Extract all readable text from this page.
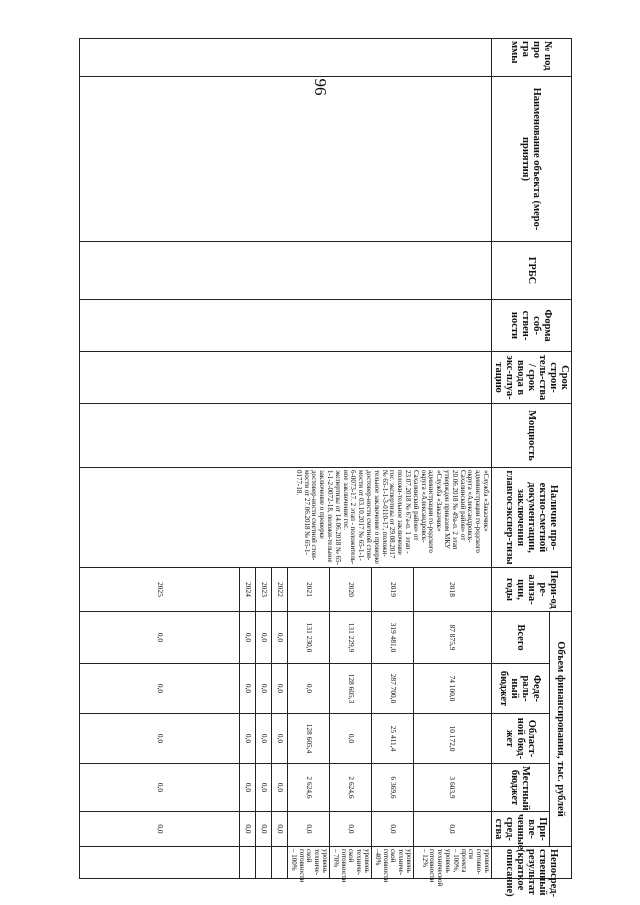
96
№ под про гра ммы	Наименование объекта (меро-приятия)	ГРБС	Форма соб-ствен-ности	Срок строи-тель-ства / срок ввода в экс-плуа-тацию	Мощность	Наличие про-ектно-сметной документации, заключения главгосэкспер-тизы	Пери-од ре-ализа-ции, годы	Объем финансирования, тыс. рублей					Непосред-ственный результат (краткое описание)
								Всего	Феде-раль-ный бюджет	Област-ной бюд-жет	Местный бюджет	При-вле-ченные сред-ства	
						«Служба «Заказчик» администрации го-родского округа «Александровск-Сахалинский район» от 20.06.2018 № 49а-п. 2 этап утвержден приказом МКУ «Служба «Заказчик» администрации го-родского округа «Александровск-Сахалинский район» от 23.07.2018 № 67а-п. 1 этап - положи-тельное заключение гос. экспертизы от 29.08.2017 № 65-1-1-3-0110-17, положи-тельное заключение о проверке достовер-ности сметной стои-мости от 03.10.2017 № 65-1-1-6-0073-17. 2 этап - положитель-ное заключение гос. экспертизы от 14.06.2018 № 65-1-1-2-0072-18, положи-тельное заключение о проверке достовер-ности сметной стои-мости от 27.06.2018 № 65-1-0177-18.	2018	87 875,9	74 100,0	10 172,0	3 603,9	0,0	уровень готовно-сти проекта – 100%, уровень технической готовности – 12%
							2019	319 481,0	287 700,0	25 411,4	6 369,6	0,0	уровень техниче-ской готовности –40%
							2020	131 229,9	128 605,3	0,0	2 624,6	0,0	уровень техниче-ской готовности – 70%
							2021	131 230,0	0,0	128 605,4	2 624,6	0,0	уровень техниче-ской готовности – 100%
							2022	0,0	0,0	0,0	0,0	0,0	
							2023	0,0	0,0	0,0	0,0	0,0	
							2024	0,0	0,0	0,0	0,0	0,0	
							2025	0,0	0,0	0,0	0,0	0,0	
